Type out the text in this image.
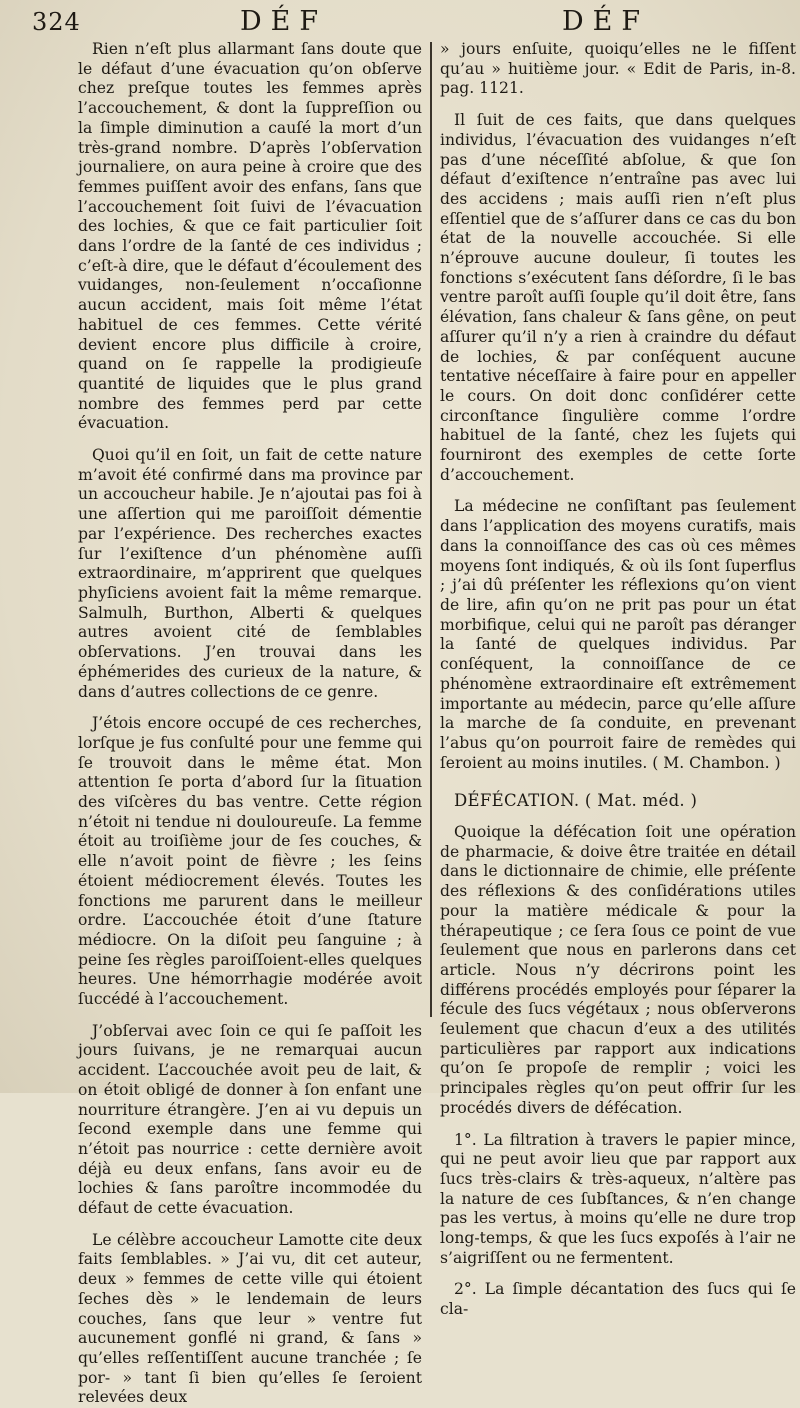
324	DÉF	DÉF

Rien n’eſt plus allarmant ſans doute que le défaut d’une évacuation qu’on obſerve chez preſque toutes les femmes après l’accouchement, & dont la ſuppreſſion ou la ſimple diminution a cauſé la mort d’un très-grand nombre. D’après l’obſervation journaliere, on aura peine à croire que des femmes puiſſent avoir des enfans, ſans que l’accouchement ſoit ſuivi de l’évacuation des lochies, & que ce fait particulier ſoit dans l’ordre de la ſanté de ces individus ; c’eſt-à dire, que le défaut d’écoulement des vuidanges, non-ſeulement n’occaſionne aucun accident, mais ſoit même l’état habituel de ces femmes. Cette vérité devient encore plus difficile à croire, quand on ſe rappelle la prodigieuſe quantité de liquides que le plus grand nombre des femmes perd par cette évacuation.

Quoi qu’il en ſoit, un fait de cette nature m’avoit été confirmé dans ma province par un accoucheur habile. Je n’ajoutai pas foi à une aſſertion qui me paroiſſoit démentie par l’expérience. Des recherches exactes ſur l’exiſtence d’un phénomène auſſi extraordinaire, m’apprirent que quelques phyſiciens avoient fait la même remarque. Salmulh, Burthon, Alberti & quelques autres avoient cité de ſemblables obſervations. J’en trouvai dans les éphémerides des curieux de la nature, & dans d’autres collections de ce genre.

J’étois encore occupé de ces recherches, lorſque je fus conſulté pour une femme qui ſe trouvoit dans le même état. Mon attention ſe porta d’abord ſur la ſituation des viſcères du bas ventre. Cette région n’étoit ni tendue ni douloureuſe. La femme étoit au troiſième jour de ſes couches, & elle n’avoit point de fièvre ; les ſeins étoient médiocrement élevés. Toutes les fonctions me parurent dans le meilleur ordre. L’accouchée étoit d’une ſtature médiocre. On la diſoit peu ſanguine ; à peine ſes règles paroiſſoient-elles quelques heures. Une hémorrhagie modérée avoit ſuccédé à l’accouchement.

J’obſervai avec ſoin ce qui ſe paſſoit les jours ſuivans, je ne remarquai aucun accident. L’accouchée avoit peu de lait, & on étoit obligé de donner à ſon enfant une nourriture étrangère. J’en ai vu depuis un ſecond exemple dans une femme qui n’étoit pas nourrice : cette dernière avoit déjà eu deux enfans, ſans avoir eu de lochies & ſans paroître incommodée du défaut de cette évacuation.

Le célèbre accoucheur Lamotte cite deux faits ſemblables. » J’ai vu, dit cet auteur, deux » femmes de cette ville qui étoient ſeches dès » le lendemain de leurs couches, ſans que leur » ventre fut aucunement gonflé ni grand, & ſans » qu’elles reſſentiſſent aucune tranchée ; ſe por- » tant ſi bien qu’elles ſe ſeroient relevées deux

» jours enſuite, quoiqu’elles ne le fiſſent qu’au » huitième jour. « Edit de Paris, in-8. pag. 1121.

Il ſuit de ces faits, que dans quelques individus, l’évacuation des vuidanges n’eſt pas d’une néceſſité abſolue, & que ſon défaut d’exiſtence n’entraîne pas avec lui des accidens ; mais auſſi rien n’eſt plus eſſentiel que de s’aſſurer dans ce cas du bon état de la nouvelle accouchée. Si elle n’éprouve aucune douleur, ſi toutes les fonctions s’exécutent ſans déſordre, ſi le bas ventre paroît auſſi ſouple qu’il doit être, ſans élévation, ſans chaleur & ſans gêne, on peut aſſurer qu’il n’y a rien à craindre du défaut de lochies, & par conſéquent aucune tentative néceſſaire à faire pour en appeller le cours. On doit donc conſidérer cette circonſtance ſingulière comme l’ordre habituel de la ſanté, chez les ſujets qui fourniront des exemples de cette ſorte d’accouchement.

La médecine ne conſiſtant pas ſeulement dans l’application des moyens curatifs, mais dans la connoiſſance des cas où ces mêmes moyens ſont indiqués, & où ils ſont ſuperflus ; j’ai dû préſenter les réflexions qu’on vient de lire, afin qu’on ne prit pas pour un état morbifique, celui qui ne paroît pas déranger la ſanté de quelques individus. Par conſéquent, la connoiſſance de ce phénomène extraordinaire eſt extrêmement importante au médecin, parce qu’elle aſſure la marche de ſa conduite, en prevenant l’abus qu’on pourroit faire de remèdes qui ſeroient au moins inutiles. ( M. Chambon. )

DÉFÉCATION. ( Mat. méd. )

Quoique la défécation ſoit une opération de pharmacie, & doive être traitée en détail dans le dictionnaire de chimie, elle préſente des réflexions & des conſidérations utiles pour la matière médicale & pour la thérapeutique ; ce ſera ſous ce point de vue ſeulement que nous en parlerons dans cet article. Nous n’y décrirons point les différens procédés employés pour ſéparer la fécule des ſucs végétaux ; nous obſerverons ſeulement que chacun d’eux a des utilités particulières par rapport aux indications qu’on ſe propoſe de remplir ; voici les principales règles qu’on peut offrir ſur les procédés divers de défécation.

1°. La filtration à travers le papier mince, qui ne peut avoir lieu que par rapport aux ſucs très-clairs & très-aqueux, n’altère pas la nature de ces ſubſtances, & n’en change pas les vertus, à moins qu’elle ne dure trop long-temps, & que les ſucs expoſés à l’air ne s’aigriſſent ou ne fermentent.

2°. La ſimple décantation des ſucs qui ſe cla-
